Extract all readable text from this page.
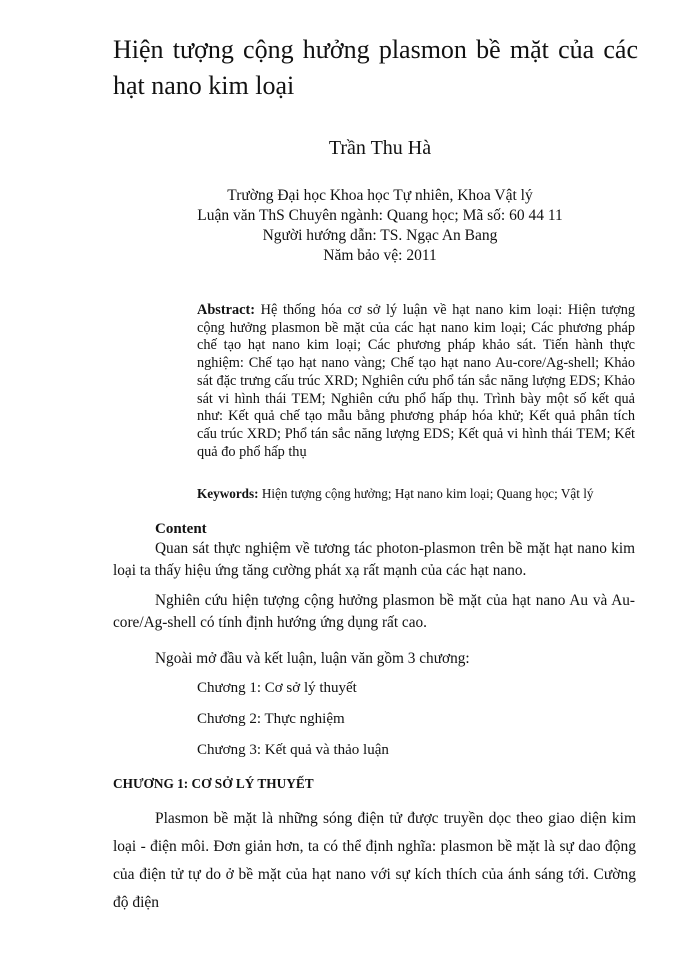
Hiện tượng cộng hưởng plasmon bề mặt của các hạt nano kim loại
Trần Thu Hà
Trường Đại học Khoa học Tự nhiên, Khoa Vật lý
Luận văn ThS Chuyên ngành: Quang học; Mã số: 60 44 11
Người hướng dẫn: TS. Ngạc An Bang
Năm bảo vệ: 2011

Abstract: Hệ thống hóa cơ sở lý luận về hạt nano kim loại: Hiện tượng cộng hưởng plasmon bề mặt của các hạt nano kim loại; Các phương pháp chế tạo hạt nano kim loại; Các phương pháp khảo sát. Tiến hành thực nghiệm: Chế tạo hạt nano vàng; Chế tạo hạt nano Au-core/Ag-shell; Khảo sát đặc trưng cấu trúc XRD; Nghiên cứu phổ tán sắc năng lượng EDS; Khảo sát vi hình thái TEM; Nghiên cứu phổ hấp thụ. Trình bày một số kết quả như: Kết quả chế tạo mẫu bằng phương pháp hóa khử; Kết quả phân tích cấu trúc XRD; Phổ tán sắc năng lượng EDS; Kết quả vi hình thái TEM; Kết quả đo phổ hấp thụ

Keywords: Hiện tượng cộng hưởng; Hạt nano kim loại; Quang học; Vật lý
Content

Quan sát thực nghiệm về tương tác photon-plasmon trên bề mặt hạt nano kim loại ta thấy hiệu ứng tăng cường phát xạ rất mạnh của các hạt nano.

Nghiên cứu hiện tượng cộng hưởng plasmon bề mặt của hạt nano Au và Au-core/Ag-shell có tính định hướng ứng dụng rất cao.

Ngoài mở đầu và kết luận, luận văn gồm 3 chương:

Chương 1: Cơ sở lý thuyết
Chương 2: Thực nghiệm
Chương 3: Kết quả và thảo luận
CHƯƠNG 1: CƠ SỞ LÝ THUYẾT

Plasmon bề mặt là những sóng điện tử được truyền dọc theo giao diện kim loại - điện môi. Đơn giản hơn, ta có thể định nghĩa: plasmon bề mặt là sự dao động của điện tử tự do ở bề mặt của hạt nano với sự kích thích của ánh sáng tới. Cường độ điện
